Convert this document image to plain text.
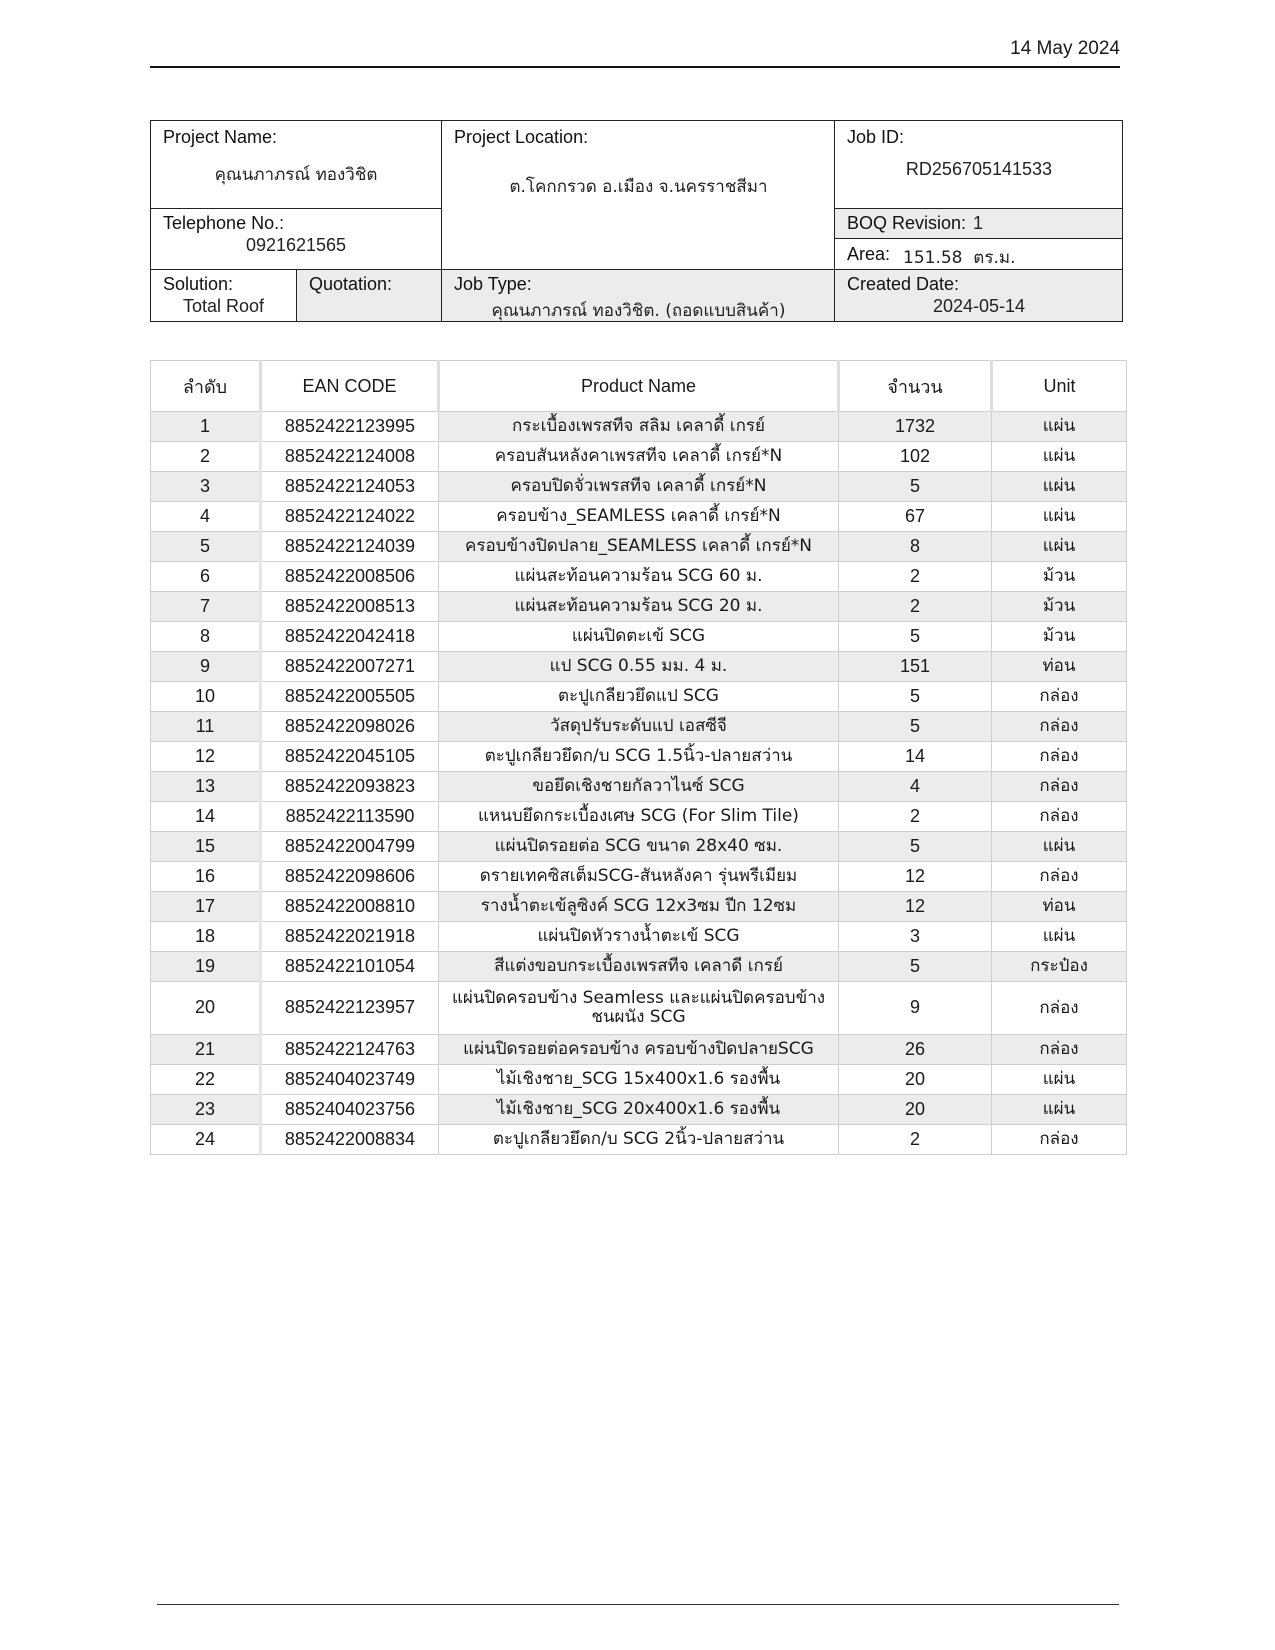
14 May 2024
Project Name:
คุณนภาภรณ์ ทองวิชิต
Telephone No.:
0921621565
Project Location:
ต.โคกกรวด อ.เมือง จ.นครราชสีมา
Job ID:
RD256705141533
BOQ Revision: 1
Area: 151.58  ตร.ม.
Solution:
Total Roof
Quotation:	Job Type:
คุณนภาภรณ์ ทองวิชิต. (ถอดแบบสินค้า)
Created Date:
2024-05-14
ลำดับ	EAN CODE	Product Name	จำนวน	Unit
1	8852422123995	กระเบื้องเพรสทีจ สลิม เคลาดี้ เกรย์	1732	แผ่น
2	8852422124008	ครอบสันหลังคาเพรสทีจ เคลาดี้ เกรย์*N	102	แผ่น
3	8852422124053	ครอบปิดจั่วเพรสทีจ เคลาดี้ เกรย์*N	5	แผ่น
4	8852422124022	ครอบข้าง_SEAMLESS เคลาดี้ เกรย์*N	67	แผ่น
5	8852422124039	ครอบข้างปิดปลาย_SEAMLESS เคลาดี้ เกรย์*N	8	แผ่น
6	8852422008506	แผ่นสะท้อนความร้อน SCG 60 ม.	2	ม้วน
7	8852422008513	แผ่นสะท้อนความร้อน SCG 20 ม.	2	ม้วน
8	8852422042418	แผ่นปิดตะเข้ SCG	5	ม้วน
9	8852422007271	แป SCG 0.55 มม. 4 ม.	151	ท่อน
10	8852422005505	ตะปูเกลียวยึดแป SCG	5	กล่อง
11	8852422098026	วัสดุปรับระดับแป เอสซีจี	5	กล่อง
12	8852422045105	ตะปูเกลียวยึดก/บ SCG 1.5นิ้ว-ปลายสว่าน	14	กล่อง
13	8852422093823	ขอยึดเชิงชายกัลวาไนซ์ SCG	4	กล่อง
14	8852422113590	แหนบยึดกระเบื้องเศษ SCG (For Slim Tile)	2	กล่อง
15	8852422004799	แผ่นปิดรอยต่อ SCG ขนาด 28x40 ซม.	5	แผ่น
16	8852422098606	ดรายเทคซิสเต็มSCG-สันหลังคา รุ่นพรีเมียม	12	กล่อง
17	8852422008810	รางน้ำตะเข้ลูซิงค์ SCG 12x3ซม ปีก 12ซม	12	ท่อน
18	8852422021918	แผ่นปิดหัวรางน้ำตะเข้ SCG	3	แผ่น
19	8852422101054	สีแต่งขอบกระเบื้องเพรสทีจ เคลาดี เกรย์	5	กระป๋อง
20	8852422123957	แผ่นปิดครอบข้าง Seamless และแผ่นปิดครอบข้างชนผนัง SCG	9	กล่อง
21	8852422124763	แผ่นปิดรอยต่อครอบข้าง ครอบข้างปิดปลายSCG	26	กล่อง
22	8852404023749	ไม้เชิงชาย_SCG 15x400x1.6 รองพื้น	20	แผ่น
23	8852404023756	ไม้เชิงชาย_SCG 20x400x1.6 รองพื้น	20	แผ่น
24	8852422008834	ตะปูเกลียวยึดก/บ SCG 2นิ้ว-ปลายสว่าน	2	กล่อง
